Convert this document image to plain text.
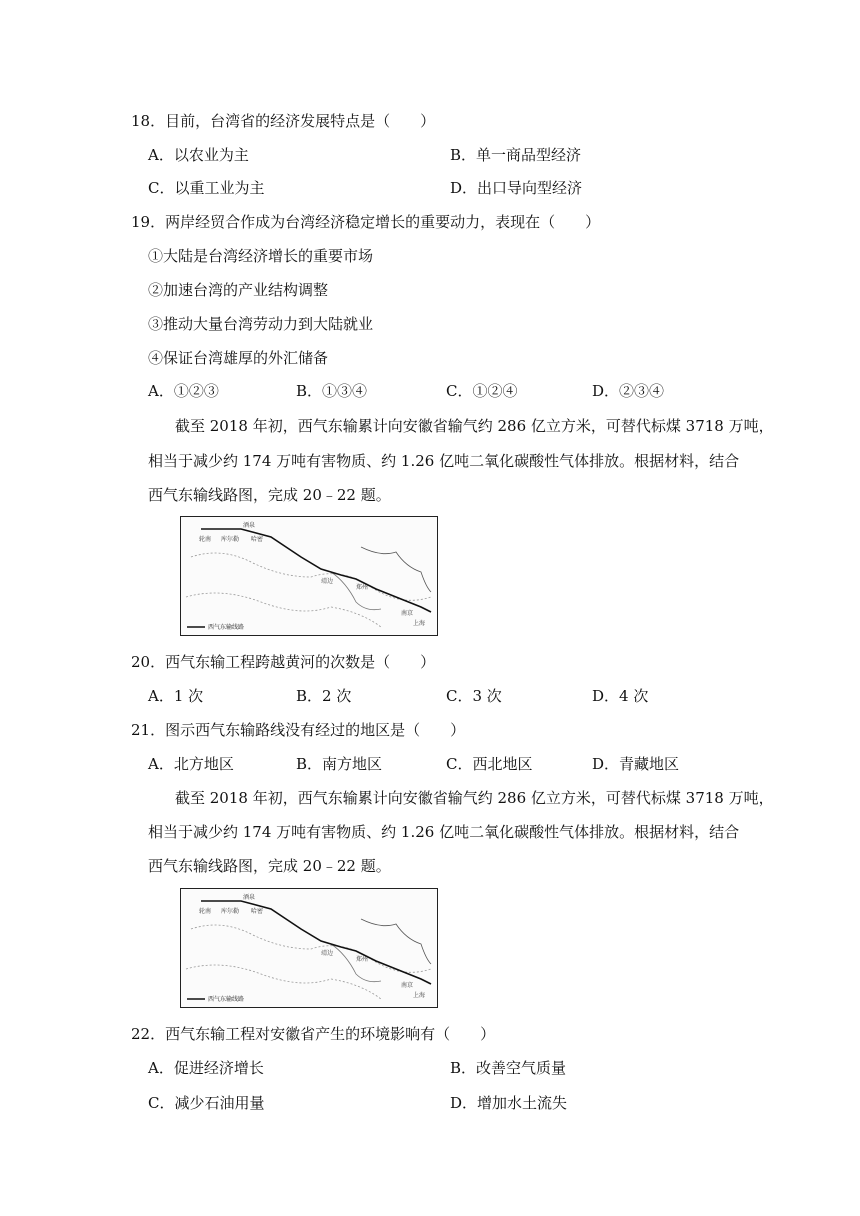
18．目前，台湾省的经济发展特点是（　　）
A．以农业为主	B．单一商品型经济
C．以重工业为主	D．出口导向型经济
19．两岸经贸合作成为台湾经济稳定增长的重要动力，表现在（　　）
①大陆是台湾经济增长的重要市场
②加速台湾的产业结构调整
③推动大量台湾劳动力到大陆就业
④保证台湾雄厚的外汇储备
A．①②③	B．①③④	C．①②④	D．②③④
截至 2018 年初，西气东输累计向安徽省输气约 286 亿立方米，可替代标煤 3718 万吨，
相当于减少约 174 万吨有害物质、约 1.26 亿吨二氧化碳酸性气体排放。根据材料，结合
西气东输线路图，完成 20﹣22 题。
轮南 库尔勒 哈密
酒泉
靖边
郑州
南京
上海
西气东输线路
20．西气东输工程跨越黄河的次数是（　　）
A．1 次	B．2 次	C．3 次	D．4 次
21．图示西气东输路线没有经过的地区是（　　）
A．北方地区	B．南方地区	C．西北地区	D．青藏地区
截至 2018 年初，西气东输累计向安徽省输气约 286 亿立方米，可替代标煤 3718 万吨，
相当于减少约 174 万吨有害物质、约 1.26 亿吨二氧化碳酸性气体排放。根据材料，结合
西气东输线路图，完成 20﹣22 题。
轮南 库尔勒 哈密
酒泉
靖边
郑州
南京
上海
西气东输线路
22．西气东输工程对安徽省产生的环境影响有（　　）
A．促进经济增长	B．改善空气质量
C．减少石油用量	D．增加水土流失
